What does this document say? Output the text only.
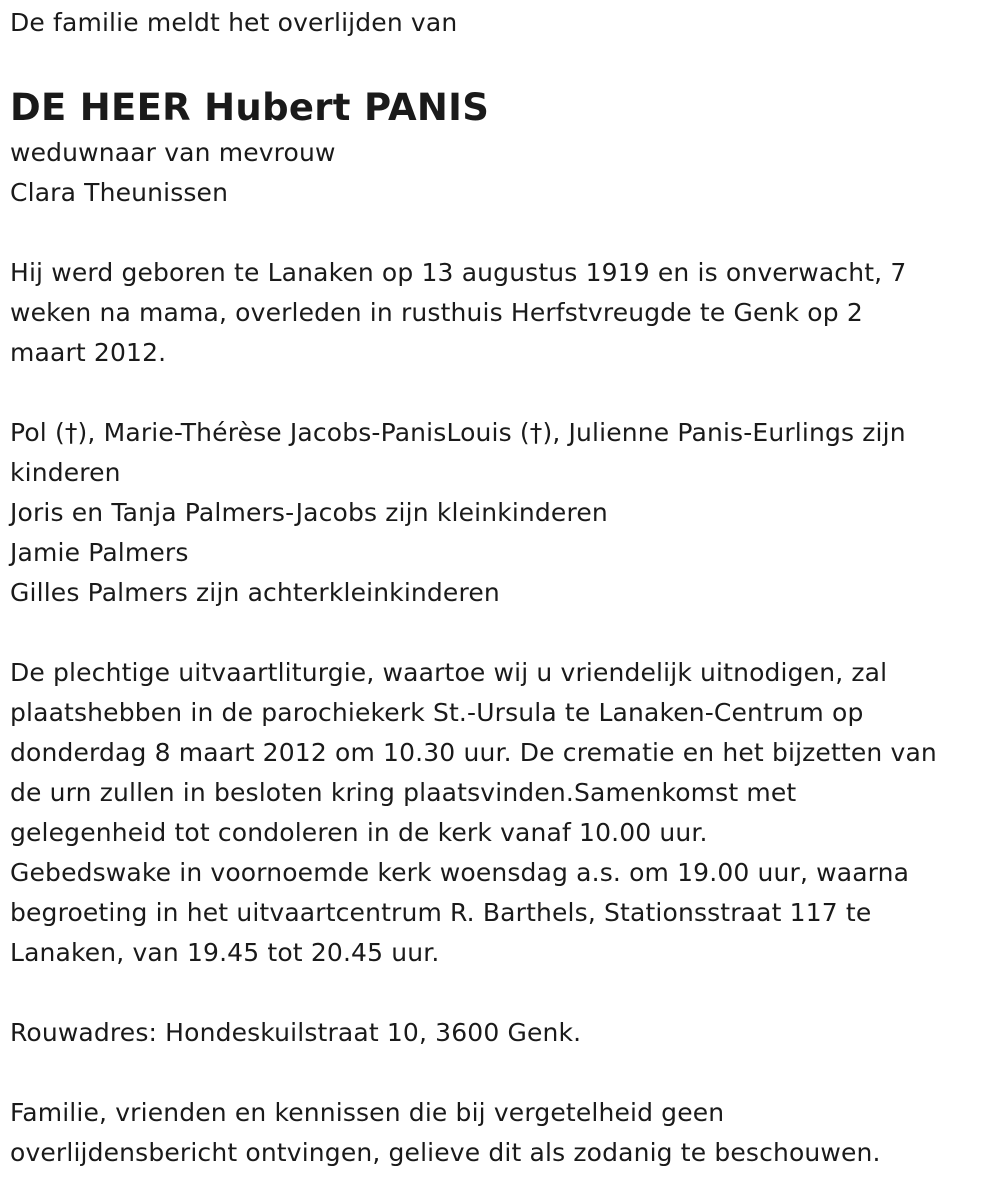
De familie meldt het overlijden van
DE HEER Hubert PANIS
weduwnaar van mevrouw
Clara Theunissen
Hij werd geboren te Lanaken op 13 augustus 1919 en is onverwacht, 7
weken na mama, overleden in rusthuis Herfstvreugde te Genk op 2
maart 2012.
Pol (†), Marie-Thérèse Jacobs-PanisLouis (†), Julienne Panis-Eurlings zijn
kinderen
Joris en Tanja Palmers-Jacobs zijn kleinkinderen
Jamie Palmers
Gilles Palmers zijn achterkleinkinderen
De plechtige uitvaartliturgie, waartoe wij u vriendelijk uitnodigen, zal
plaatshebben in de parochiekerk St.-Ursula te Lanaken-Centrum op
donderdag 8 maart 2012 om 10.30 uur. De crematie en het bijzetten van
de urn zullen in besloten kring plaatsvinden.Samenkomst met
gelegenheid tot condoleren in de kerk vanaf 10.00 uur.
Gebedswake in voornoemde kerk woensdag a.s. om 19.00 uur, waarna
begroeting in het uitvaartcentrum R. Barthels, Stationsstraat 117 te
Lanaken, van 19.45 tot 20.45 uur.
Rouwadres: Hondeskuilstraat 10, 3600 Genk.
Familie, vrienden en kennissen die bij vergetelheid geen
overlijdensbericht ontvingen, gelieve dit als zodanig te beschouwen.
